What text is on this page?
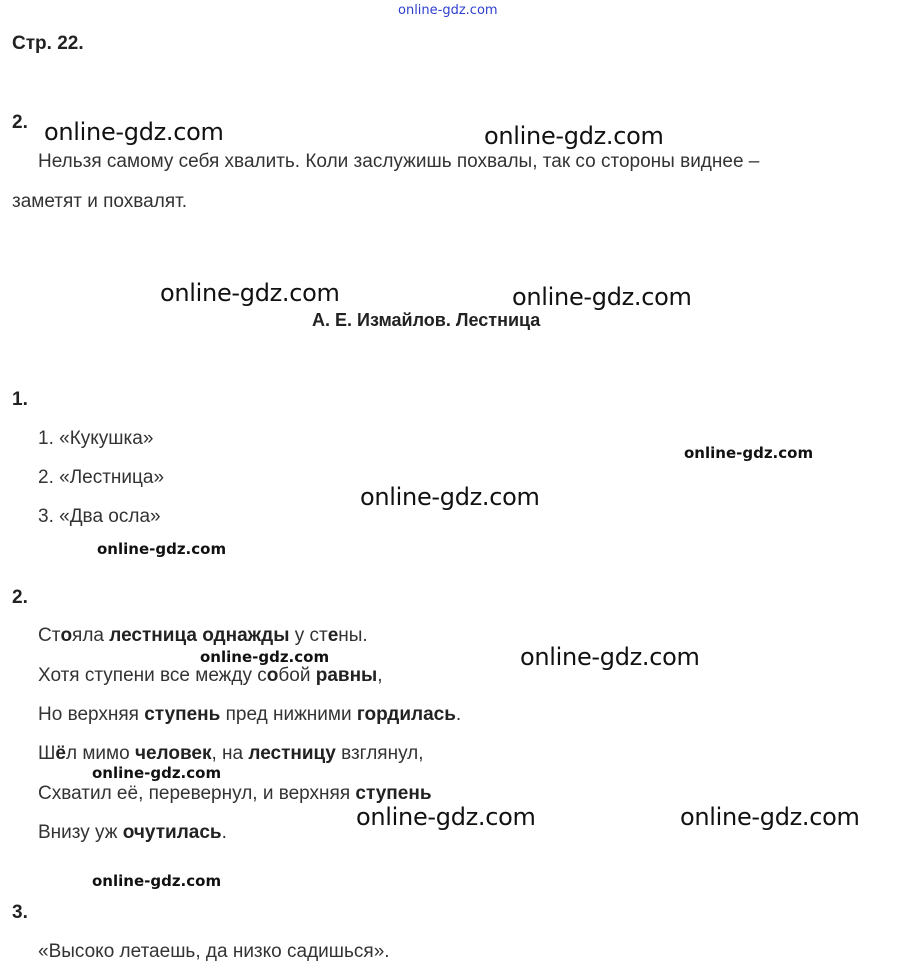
online-gdz.com
Стр. 22.
2.
Нельзя самому себя хвалить. Коли заслужишь похвалы, так со стороны виднее –
заметят и похвалят.
А. Е. Измайлов. Лестница
1.
1. «Кукушка»
2. «Лестница»
3. «Два осла»
2.
Стояла лестница однажды у стены.
Хотя ступени все между собой равны,
Но верхняя ступень пред нижними гордилась.
Шёл мимо человек, на лестницу взглянул,
Схватил её, перевернул, и верхняя ступень
Внизу уж очутилась.
3.
«Высоко летаешь, да низко садишься».
online-gdz.com	online-gdz.com
online-gdz.com	online-gdz.com
online-gdz.com
online-gdz.com
online-gdz.com
online-gdz.com	online-gdz.com
online-gdz.com
online-gdz.com	online-gdz.com
online-gdz.com
